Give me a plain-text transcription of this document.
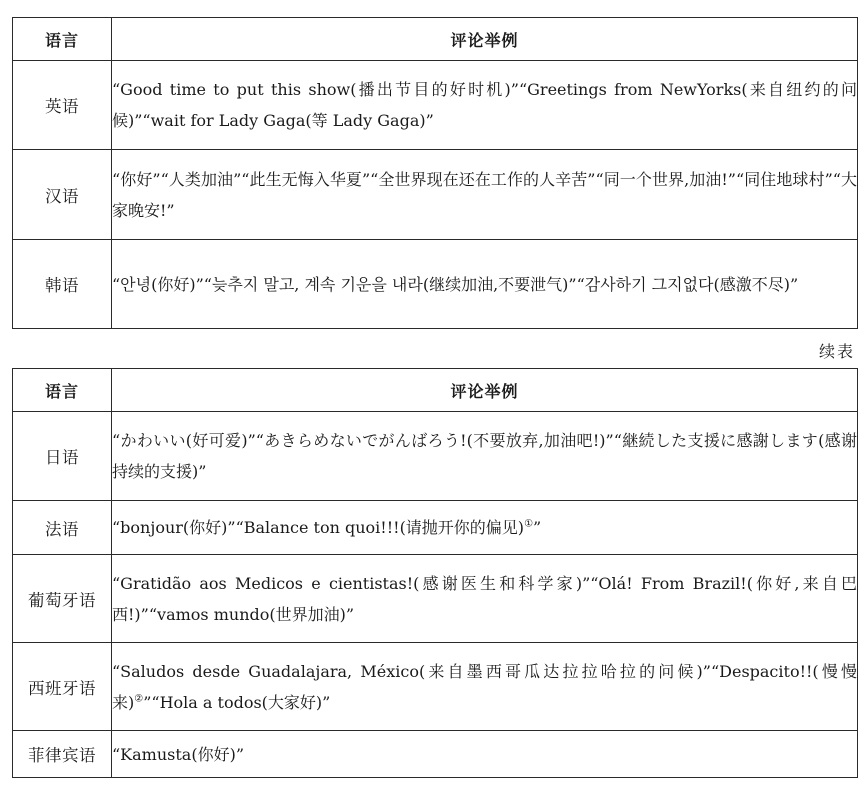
语言	评论举例
英语	“Good time to put this show(播出节目的好时机)”“Greetings from NewYorks(来自纽约的问候)”“wait for Lady Gaga(等 Lady Gaga)”
汉语	“你好”“人类加油”“此生无悔入华夏”“全世界现在还在工作的人辛苦”“同一个世界,加油!”“同住地球村”“大家晚安!”
韩语	“안녕(你好)”“늦추지 말고, 계속 기운을 내라(继续加油,不要泄气)”“감사하기 그지없다(感激不尽)”
续表
语言	评论举例
日语	“かわいい(好可爱)”“あきらめないでがんばろう!(不要放弃,加油吧!)”“継続した支援に感謝します(感谢持续的支援)”
法语	“bonjour(你好)”“Balance ton quoi!!!(请抛开你的偏见)①”
葡萄牙语	“Gratidão aos Medicos e cientistas!(感谢医生和科学家)”“Olá! From Brazil!(你好,来自巴西!)”“vamos mundo(世界加油)”
西班牙语	“Saludos desde Guadalajara, México(来自墨西哥瓜达拉拉哈拉的问候)”“Despacito!!(慢慢来)②”“Hola a todos(大家好)”
菲律宾语	“Kamusta(你好)”
